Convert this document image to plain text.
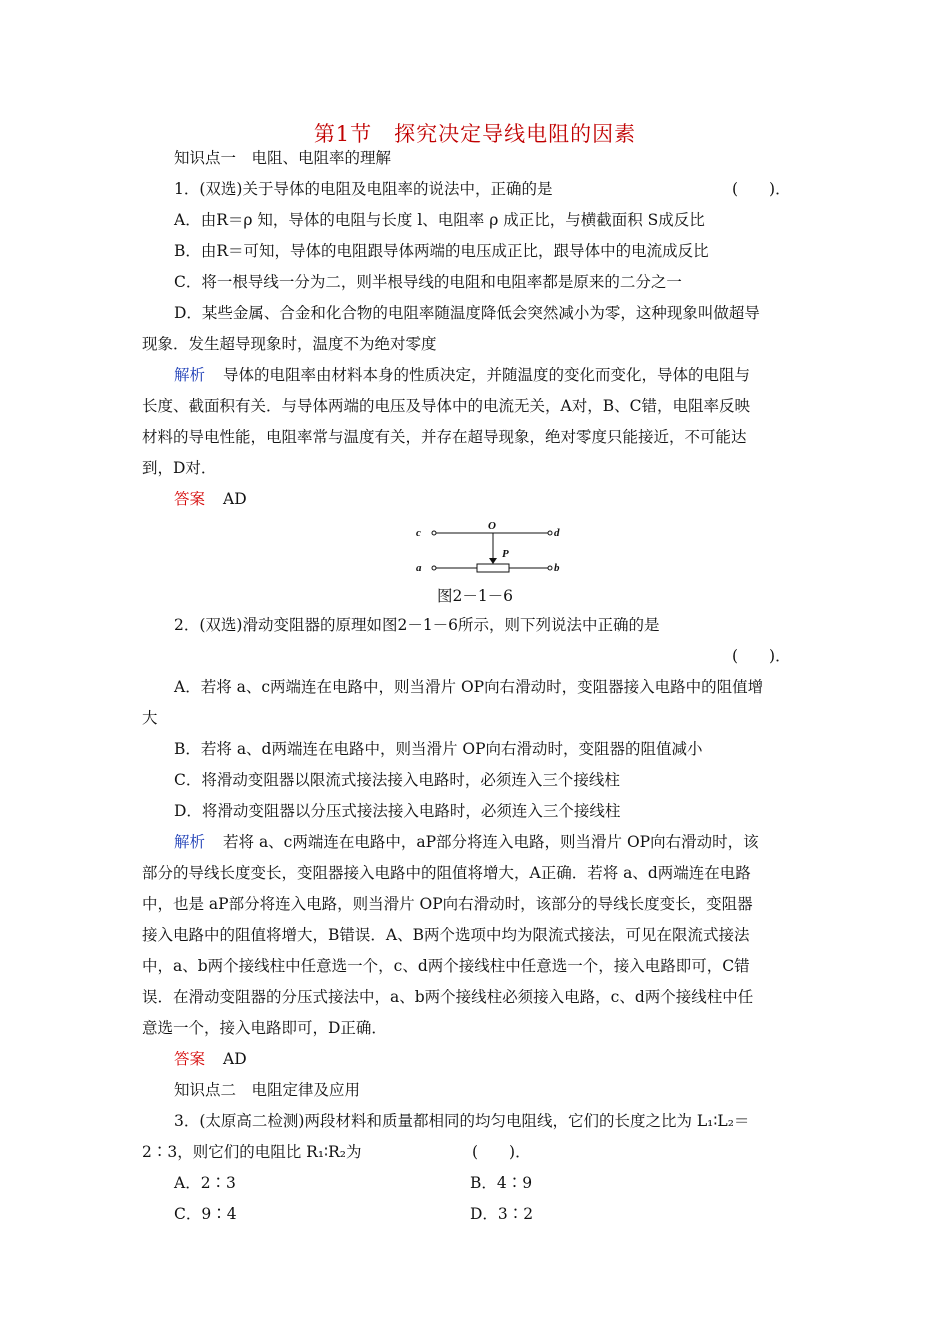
第1节　探究决定导线电阻的因素
知识点一　电阻、电阻率的理解
1．(双选)关于导体的电阻及电阻率的说法中，正确的是	(　　)．
A．由R＝ρ 知，导体的电阻与长度 l、电阻率 ρ 成正比，与横截面积 S成反比
B．由R＝可知，导体的电阻跟导体两端的电压成正比，跟导体中的电流成反比
C．将一根导线一分为二，则半根导线的电阻和电阻率都是原来的二分之一
D．某些金属、合金和化合物的电阻率随温度降低会突然减小为零，这种现象叫做超导
现象．发生超导现象时，温度不为绝对零度
解析 导体的电阻率由材料本身的性质决定，并随温度的变化而变化，导体的电阻与
长度、截面积有关．与导体两端的电压及导体中的电流无关，A对，B、C错，电阻率反映
材料的导电性能，电阻率常与温度有关，并存在超导现象，绝对零度只能接近，不可能达
到，D对．
答案 AD
c
O
d
P
a	b
图2－1－6
2．(双选)滑动变阻器的原理如图2－1－6所示，则下列说法中正确的是
(　　)．
A．若将 a、c两端连在电路中，则当滑片 OP向右滑动时，变阻器接入电路中的阻值增
大
B．若将 a、d两端连在电路中，则当滑片 OP向右滑动时，变阻器的阻值减小
C．将滑动变阻器以限流式接法接入电路时，必须连入三个接线柱
D．将滑动变阻器以分压式接法接入电路时，必须连入三个接线柱
解析 若将 a、c两端连在电路中，aP部分将连入电路，则当滑片 OP向右滑动时，该
部分的导线长度变长，变阻器接入电路中的阻值将增大，A正确．若将 a、d两端连在电路
中，也是 aP部分将连入电路，则当滑片 OP向右滑动时，该部分的导线长度变长，变阻器
接入电路中的阻值将增大，B错误．A、B两个选项中均为限流式接法，可见在限流式接法
中，a、b两个接线柱中任意选一个，c、d两个接线柱中任意选一个，接入电路即可，C错
误．在滑动变阻器的分压式接法中，a、b两个接线柱必须接入电路，c、d两个接线柱中任
意选一个，接入电路即可，D正确．
答案 AD
知识点二　电阻定律及应用
3．(太原高二检测)两段材料和质量都相同的均匀电阻线，它们的长度之比为 L₁∶L₂＝
2∶3，则它们的电阻比 R₁∶R₂为	(　　)．
A．2∶3	B．4∶9
C．9∶4	D．3∶2
